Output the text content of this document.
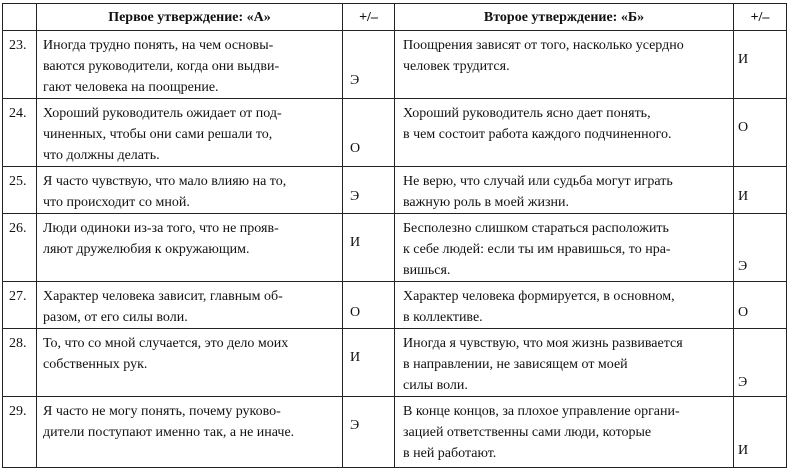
	Первое утверждение: «А»	+/–	Второе утверждение: «Б»	+/–
23.	Иногда трудно понять, на чем основы-
ваются руководители, когда они выдви-
гают человека на поощрение.	Э	Поощрения зависят от того, насколько усердно
человек трудится.	И
24.	Хороший руководитель ожидает от под-
чиненных, чтобы они сами решали то,
что должны делать.	О	Хороший руководитель ясно дает понять,
в чем состоит работа каждого подчиненного.	О
25.	Я часто чувствую, что мало влияю на то,
что происходит со мной.	Э	Не верю, что случай или судьба могут играть
важную роль в моей жизни.	И
26.	Люди одиноки из-за того, что не прояв-
ляют дружелюбия к окружающим.	И	Бесполезно слишком стараться расположить
к себе людей: если ты им нравишься, то нра-
вишься.	Э
27.	Характер человека зависит, главным об-
разом, от его силы воли.	О	Характер человека формируется, в основном,
в коллективе.	О
28.	То, что со мной случается, это дело моих
собственных рук.	И	Иногда я чувствую, что моя жизнь развивается
в направлении, не зависящем от моей
силы воли.	Э
29.	Я часто не могу понять, почему руково-
дители поступают именно так, а не иначе.	Э	В конце концов, за плохое управление органи-
зацией ответственны сами люди, которые
в ней работают.	И
